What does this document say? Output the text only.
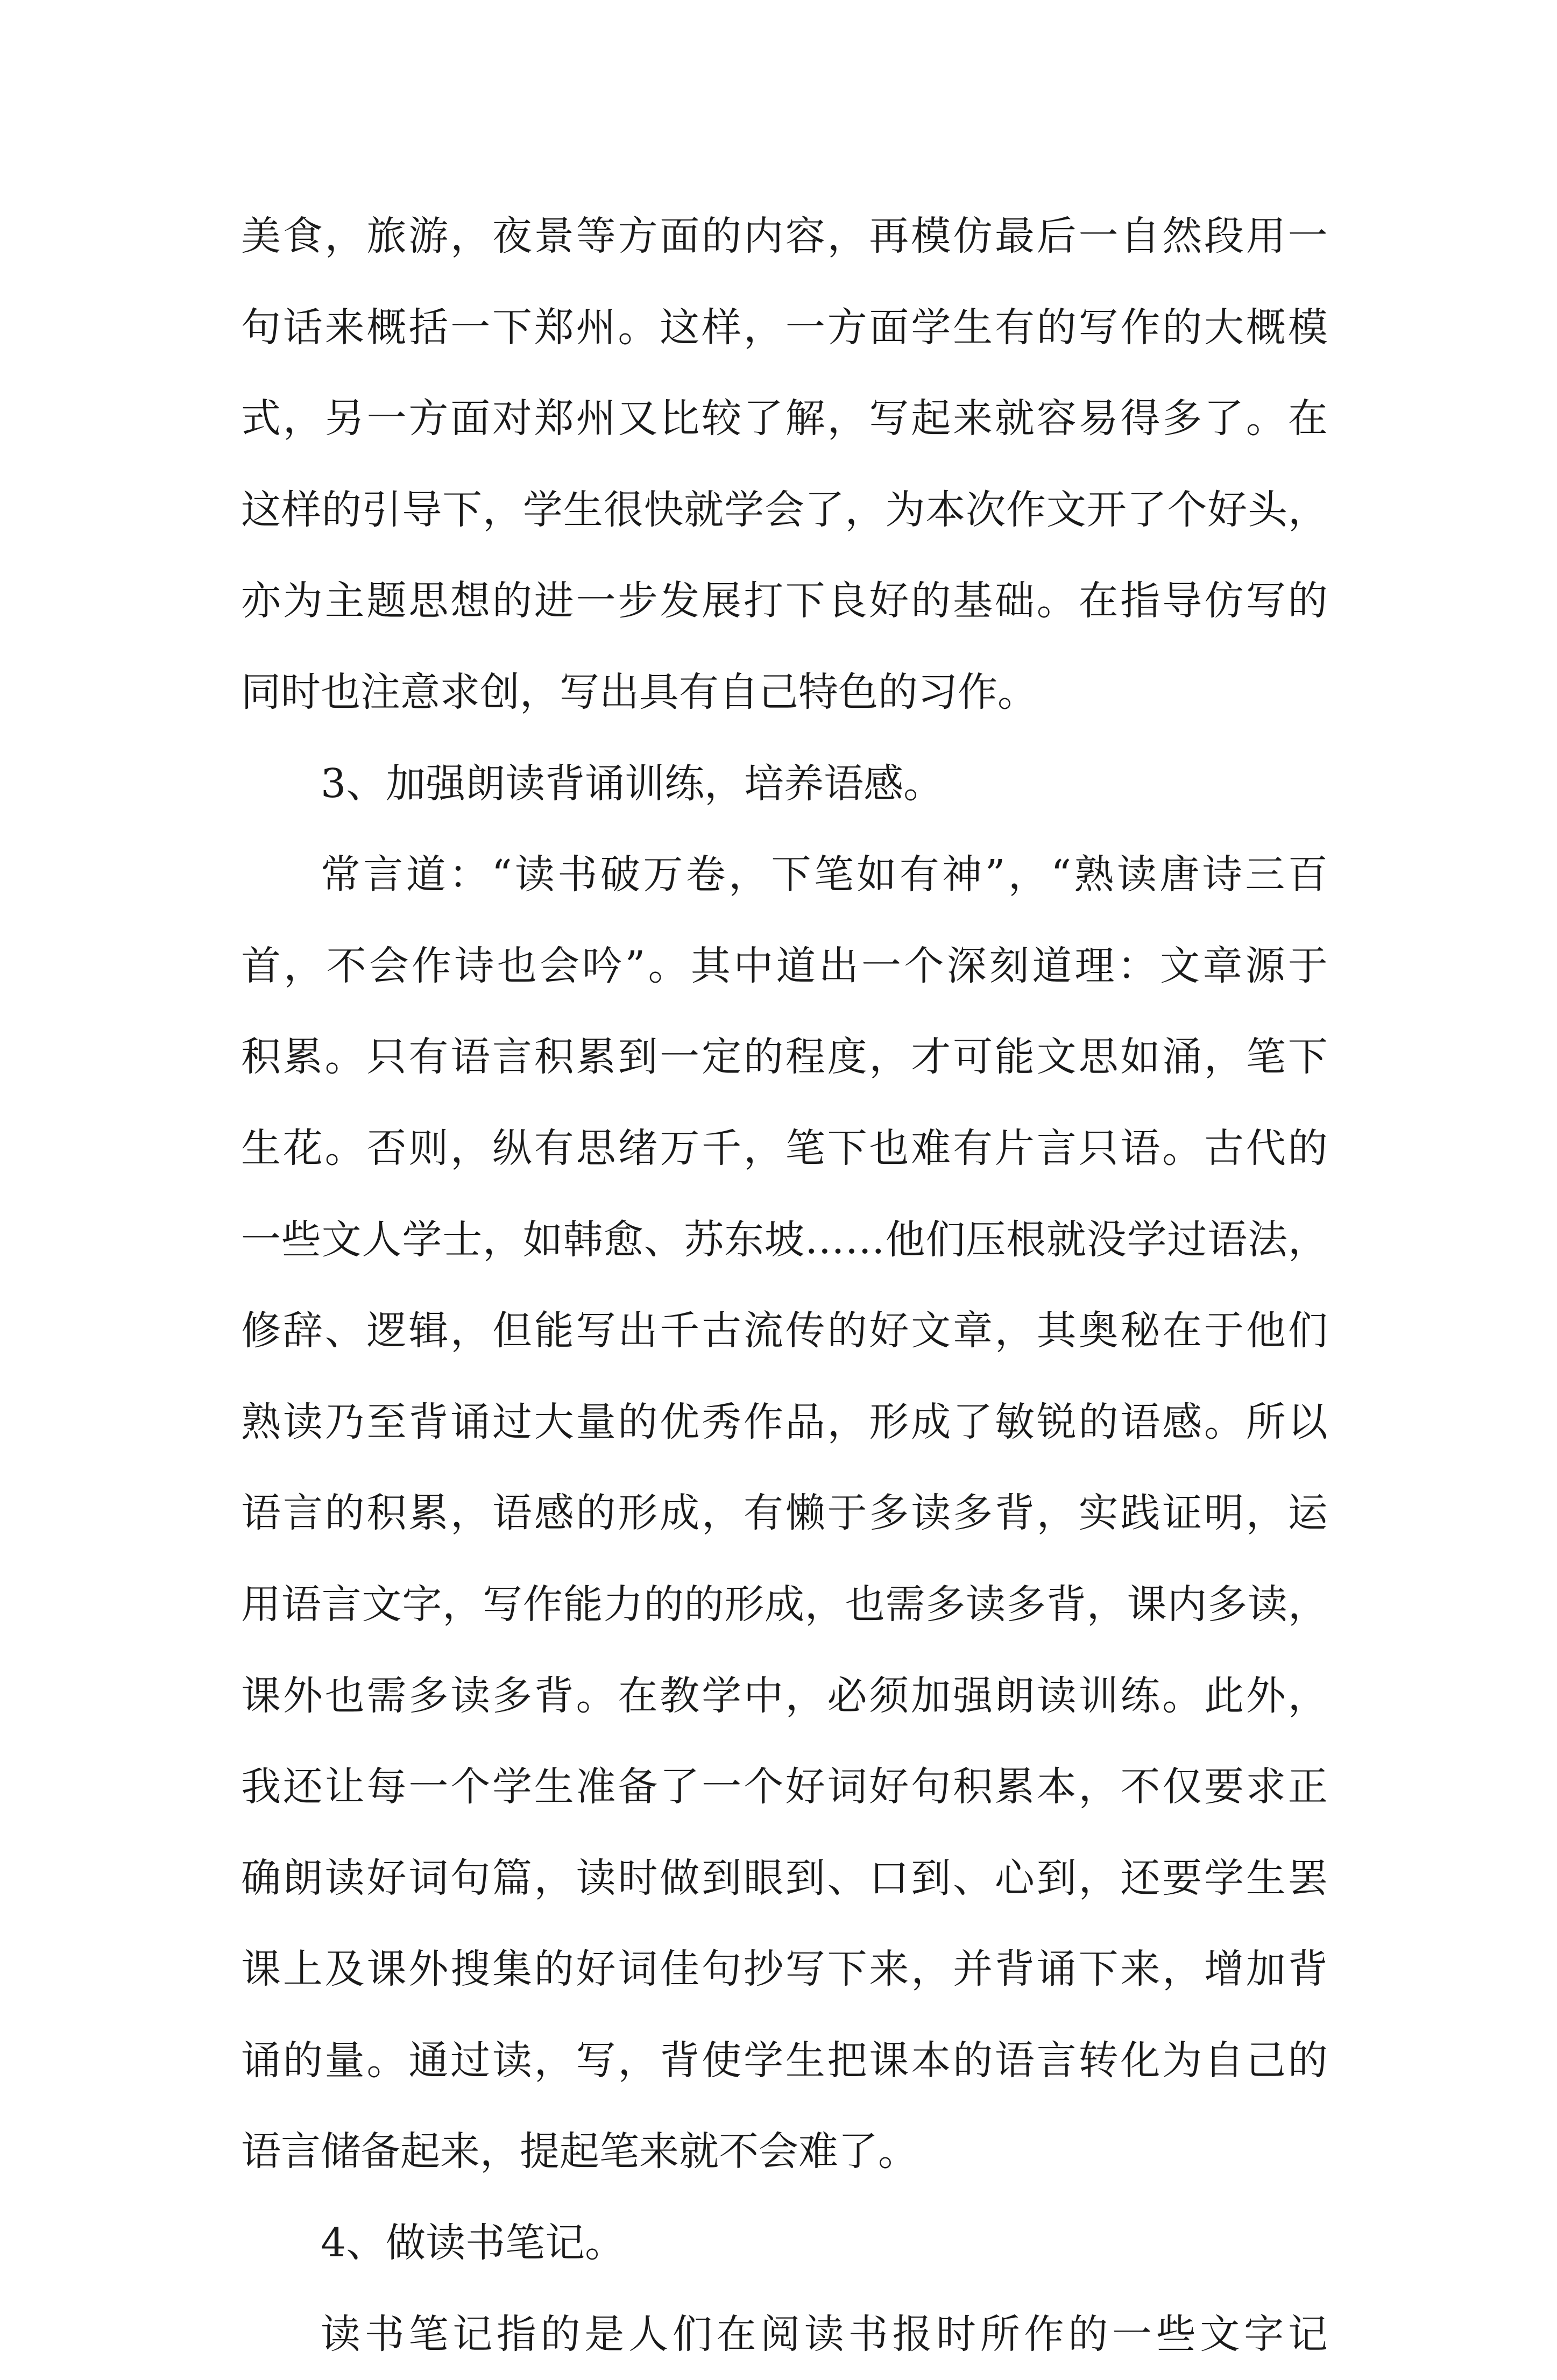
美 食 ， 旅 游 ， 夜 景 等 方 面 的 内 容 ， 再 模 仿 最 后 一 自 然 段 用 一
句 话 来 概 括 一 下 郑 州 。 这 样 ， 一 方 面 学 生 有 的 写 作 的 大 概 模
式 ， 另 一 方 面 对 郑 州 又 比 较 了 解 ， 写 起 来 就 容 易 得 多 了 。 在
这 样 的 引 导 下 ， 学 生 很 快 就 学 会 了 ， 为 本 次 作 文 开 了 个 好 头 ，
亦 为 主 题 思 想 的 进 一 步 发 展 打 下 良 好 的 基 础 。 在 指 导 仿 写 的
同 时 也 注 意 求 创 ， 写 出 具 有 自 己 特 色 的 习 作 。
3 、 加 强 朗 读 背 诵 训 练 ， 培 养 语 感 。
常 言 道 ： “ 读 书 破 万 卷 ， 下 笔 如 有 神 ” ， “ 熟 读 唐 诗 三 百
首 ， 不 会 作 诗 也 会 吟 ” 。 其 中 道 出 一 个 深 刻 道 理 ： 文 章 源 于
积 累 。 只 有 语 言 积 累 到 一 定 的 程 度 ， 才 可 能 文 思 如 涌 ， 笔 下
生 花 。 否 则 ， 纵 有 思 绪 万 千 ， 笔 下 也 难 有 片 言 只 语 。 古 代 的
一 些 文 人 学 士 ， 如 韩 愈 、 苏 东 坡 … … 他 们 压 根 就 没 学 过 语 法 ，
修 辞 、 逻 辑 ， 但 能 写 出 千 古 流 传 的 好 文 章 ， 其 奥 秘 在 于 他 们
熟 读 乃 至 背 诵 过 大 量 的 优 秀 作 品 ， 形 成 了 敏 锐 的 语 感 。 所 以
语 言 的 积 累 ， 语 感 的 形 成 ， 有 懒 于 多 读 多 背 ， 实 践 证 明 ， 运
用 语 言 文 字 ， 写 作 能 力 的 的 形 成 ， 也 需 多 读 多 背 ， 课 内 多 读 ，
课 外 也 需 多 读 多 背 。 在 教 学 中 ， 必 须 加 强 朗 读 训 练 。 此 外 ，
我 还 让 每 一 个 学 生 准 备 了 一 个 好 词 好 句 积 累 本 ， 不 仅 要 求 正
确 朗 读 好 词 句 篇 ， 读 时 做 到 眼 到 、 口 到 、 心 到 ， 还 要 学 生 罢
课 上 及 课 外 搜 集 的 好 词 佳 句 抄 写 下 来 ， 并 背 诵 下 来 ， 增 加 背
诵 的 量 。 通 过 读 ， 写 ， 背 使 学 生 把 课 本 的 语 言 转 化 为 自 己 的
语 言 储 备 起 来 ， 提 起 笔 来 就 不 会 难 了 。
4 、 做 读 书 笔 记 。
读 书 笔 记 指 的 是 人 们 在 阅 读 书 报 时 所 作 的 一 些 文 字 记
